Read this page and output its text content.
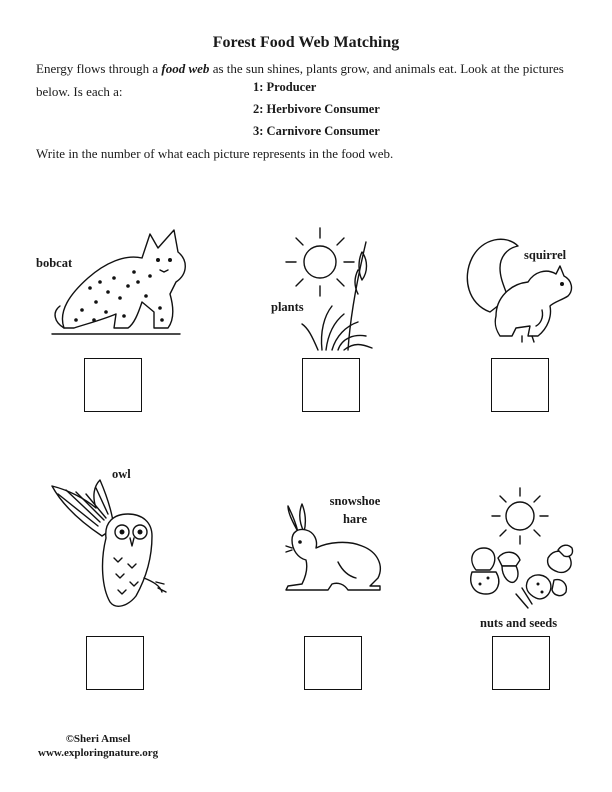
Forest Food Web Matching
Energy flows through a food web as the sun shines, plants grow, and animals eat. Look at the pictures below. Is each a:	1: Producer
2: Herbivore Consumer
3: Carnivore Consumer
Write in the number of what each picture represents in the food web.
bobcat
plants
squirrel
owl
snowshoe
hare
nuts and seeds
©Sheri Amsel
www.exploringnature.org
